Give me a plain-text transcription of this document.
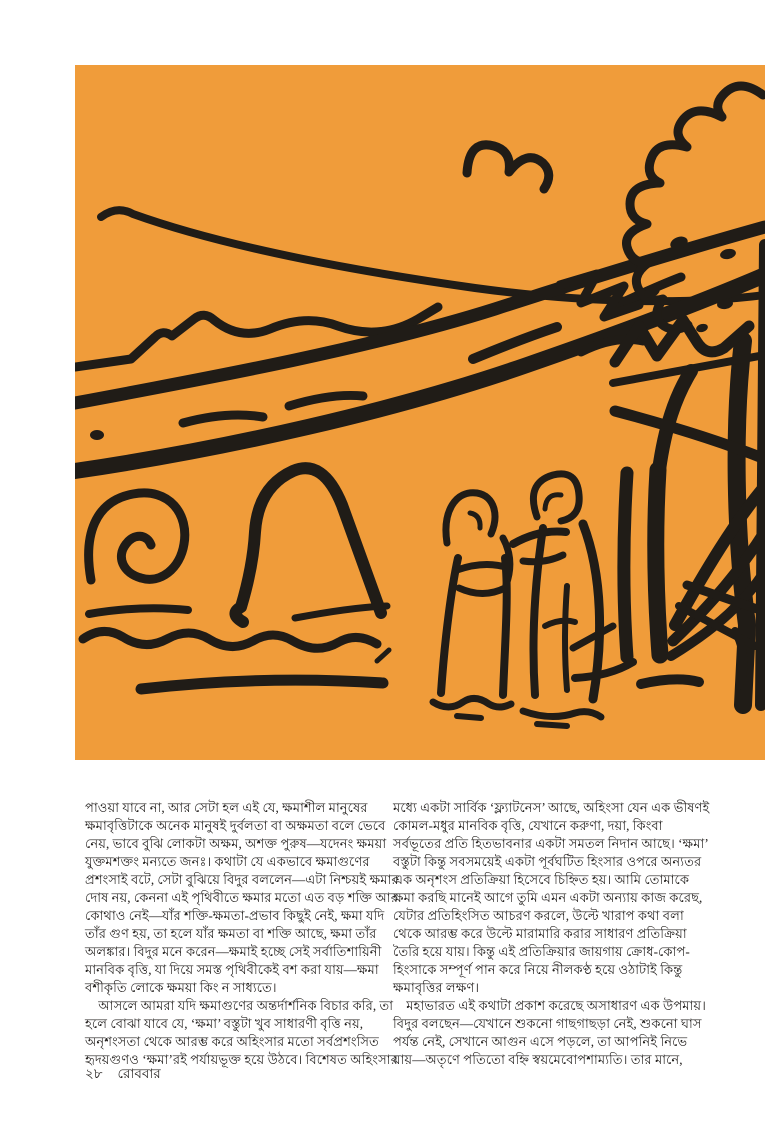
পাওয়া যাবে না, আর সেটা হল এই যে, ক্ষমাশীল মানুষের
ক্ষমাবৃত্তিটাকে অনেক মানুষই দুর্বলতা বা অক্ষমতা বলে ভেবে
নেয়, ভাবে বুঝি লোকটা অক্ষম, অশক্ত পুরুষ—যদেনং ক্ষময়া
যুক্তমশক্তং মন্যতে জনঃ। কথাটা যে একভাবে ক্ষমাগুণের
প্রশংসাই বটে, সেটা বুঝিয়ে বিদুর বললেন—এটা নিশ্চয়ই ক্ষমার
দোষ নয়, কেননা এই পৃথিবীতে ক্ষমার মতো এত বড় শক্তি আর
কোথাও নেই—যাঁর শক্তি-ক্ষমতা-প্রভাব কিছুই নেই, ক্ষমা যদি
তাঁর গুণ হয়, তা হলে যাঁর ক্ষমতা বা শক্তি আছে, ক্ষমা তাঁর
অলঙ্কার। বিদুর মনে করেন—ক্ষমাই হচ্ছে সেই সর্বাতিশায়িনী
মানবিক বৃত্তি, যা দিয়ে সমস্ত পৃথিবীকেই বশ করা যায়—ক্ষমা
বশীকৃতি লোকে ক্ষময়া কিং ন সাধ্যতে।
  আসলে আমরা যদি ক্ষমাগুণের অন্তর্দার্শনিক বিচার করি, তা
হলে বোঝা যাবে যে, ‘ক্ষমা’ বস্তুটা খুব সাধারণী বৃত্তি নয়,
অনৃশংসতা থেকে আরম্ভ করে অহিংসার মতো সর্বপ্রশংসিত
হৃদয়গুণও ‘ক্ষমা’রই পর্যায়ভূক্ত হয়ে উঠবে। বিশেষত অহিংসার
মধ্যে একটা সার্বিক ‘ফ্ল্যাটনেস’ আছে, অহিংসা যেন এক ভীষণই
কোমল-মধুর মানবিক বৃত্তি, যেখানে করুণা, দয়া, কিংবা
সর্বভূতের প্রতি হিতভাবনার একটা সমতল নিদান আছে। ‘ক্ষমা’
বস্তুটা কিন্তু সবসময়েই একটা পূর্বঘটিত হিংসার ওপরে অন্যতর
এক অনৃশংস প্রতিক্রিয়া হিসেবে চিহ্নিত হয়। আমি তোমাকে
ক্ষমা করছি মানেই আগে তুমি এমন একটা অন্যায় কাজ করেছ,
যেটার প্রতিহিংসিত আচরণ করলে, উল্টে খারাপ কথা বলা
থেকে আরম্ভ করে উল্টে মারামারি করার সাধারণ প্রতিক্রিয়া
তৈরি হয়ে যায়। কিন্তু এই প্রতিক্রিয়ার জায়গায় ক্রোধ-কোপ-
হিংসাকে সম্পূর্ণ পান করে নিয়ে নীলকণ্ঠ হয়ে ওঠাটাই কিন্তু
ক্ষমাবৃত্তির লক্ষণ।
  মহাভারত এই কথাটা প্রকাশ করেছে অসাধারণ এক উপমায়।
বিদুর বলছেন—যেখানে শুকনো গাছগাছড়া নেই, শুকনো ঘাস
পর্যন্ত নেই, সেখানে আগুন এসে পড়লে, তা আপনিই নিভে
যায়—অতৃণে পতিতো বহ্নি স্বয়মেবোপশাম্যতি। তার মানে,
২৮ রোববার
